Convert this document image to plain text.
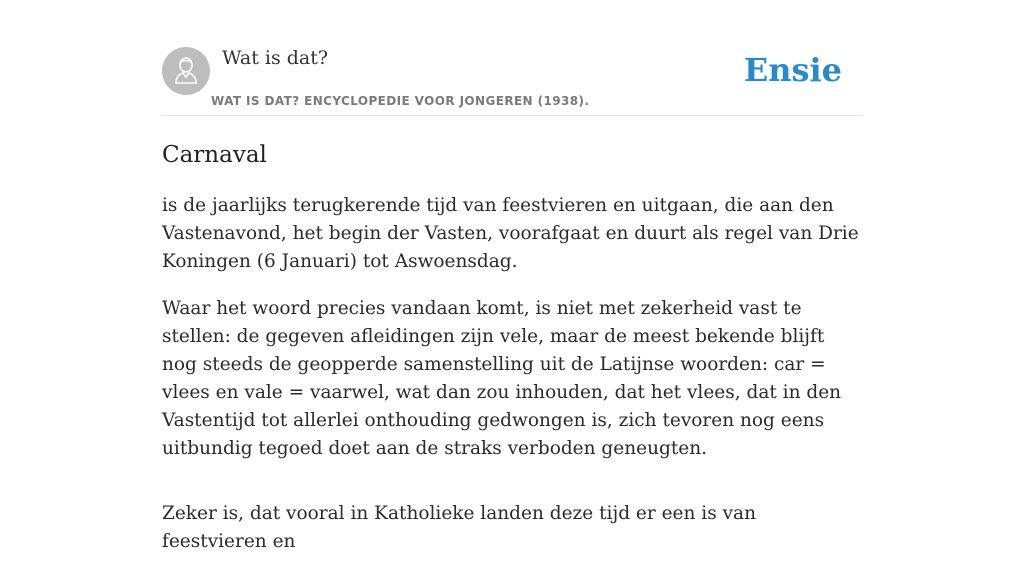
Wat is dat?
WAT IS DAT? ENCYCLOPEDIE VOOR JONGEREN (1938).
Ensie
Carnaval

is de jaarlijks terugkerende tijd van feestvieren en uitgaan, die aan den Vastenavond, het begin der Vasten, voorafgaat en duurt als regel van Drie Koningen (6 Januari) tot Aswoensdag.

Waar het woord precies vandaan komt, is niet met zekerheid vast te stellen: de gegeven afleidingen zijn vele, maar de meest bekende blijft nog steeds de geopperde samenstelling uit de Latijnse woorden: car = vlees en vale = vaarwel, wat dan zou inhouden, dat het vlees, dat in den Vastentijd tot allerlei onthouding gedwongen is, zich tevoren nog eens uitbundig tegoed doet aan de straks verboden geneugten.

Zeker is, dat vooral in Katholieke landen deze tijd er een is van feestvieren en
